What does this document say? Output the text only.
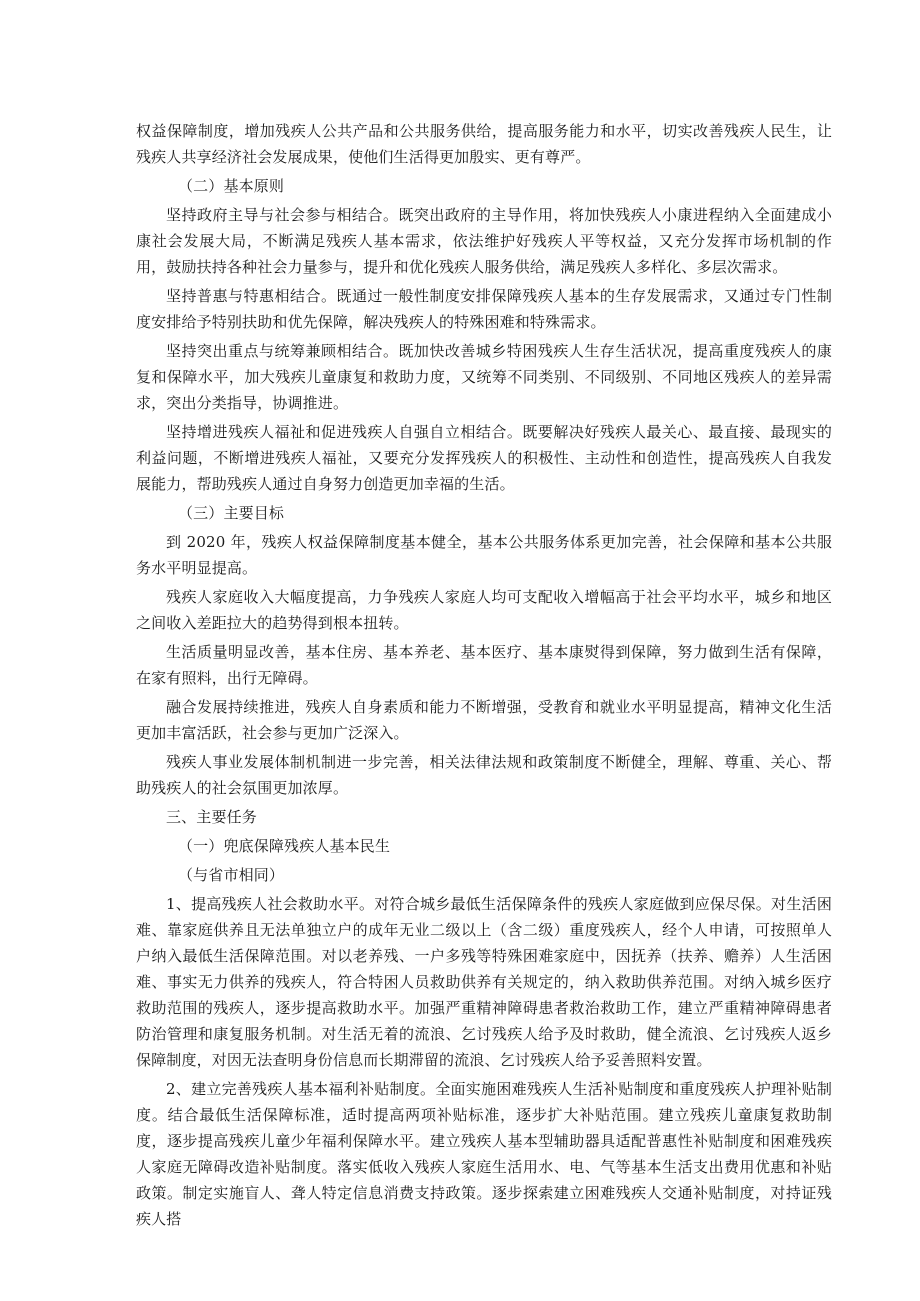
权益保障制度，增加残疾人公共产品和公共服务供给，提高服务能力和水平，切实改善残疾人民生，让残疾人共享经济社会发展成果，使他们生活得更加殷实、更有尊严。

（二）基本原则

坚持政府主导与社会参与相结合。既突出政府的主导作用，将加快残疾人小康进程纳入全面建成小康社会发展大局，不断满足残疾人基本需求，依法维护好残疾人平等权益，又充分发挥市场机制的作用，鼓励扶持各种社会力量参与，提升和优化残疾人服务供给，满足残疾人多样化、多层次需求。

坚持普惠与特惠相结合。既通过一般性制度安排保障残疾人基本的生存发展需求，又通过专门性制度安排给予特别扶助和优先保障，解决残疾人的特殊困难和特殊需求。

坚持突出重点与统筹兼顾相结合。既加快改善城乡特困残疾人生存生活状况，提高重度残疾人的康复和保障水平，加大残疾儿童康复和救助力度，又统筹不同类别、不同级别、不同地区残疾人的差异需求，突出分类指导，协调推进。

坚持增进残疾人福祉和促进残疾人自强自立相结合。既要解决好残疾人最关心、最直接、最现实的利益问题，不断增进残疾人福祉，又要充分发挥残疾人的积极性、主动性和创造性，提高残疾人自我发展能力，帮助残疾人通过自身努力创造更加幸福的生活。

（三）主要目标

到 2020 年，残疾人权益保障制度基本健全，基本公共服务体系更加完善，社会保障和基本公共服务水平明显提高。

残疾人家庭收入大幅度提高，力争残疾人家庭人均可支配收入增幅高于社会平均水平，城乡和地区之间收入差距拉大的趋势得到根本扭转。

生活质量明显改善，基本住房、基本养老、基本医疗、基本康熨得到保障，努力做到生活有保障，在家有照料，出行无障碍。

融合发展持续推进，残疾人自身素质和能力不断增强，受教育和就业水平明显提高，精神文化生活更加丰富活跃，社会参与更加广泛深入。

残疾人事业发展体制机制进一步完善，相关法律法规和政策制度不断健全，理解、尊重、关心、帮助残疾人的社会氛围更加浓厚。

三、主要任务

（一）兜底保障残疾人基本民生

（与省市相同）

1、提高残疾人社会救助水平。对符合城乡最低生活保障条件的残疾人家庭做到应保尽保。对生活困难、靠家庭供养且无法单独立户的成年无业二级以上（含二级）重度残疾人，经个人申请，可按照单人户纳入最低生活保障范围。对以老养残、一户多残等特殊困难家庭中，因抚养（扶养、赡养）人生活困难、事实无力供养的残疾人，符合特困人员救助供养有关规定的，纳入救助供养范围。对纳入城乡医疗救助范围的残疾人，逐步提高救助水平。加强严重精神障碍患者救治救助工作，建立严重精神障碍患者防治管理和康复服务机制。对生活无着的流浪、乞讨残疾人给予及时救助，健全流浪、乞讨残疾人返乡保障制度，对因无法查明身份信息而长期滞留的流浪、乞讨残疾人给予妥善照料安置。

2、建立完善残疾人基本福利补贴制度。全面实施困难残疾人生活补贴制度和重度残疾人护理补贴制度。结合最低生活保障标准，适时提高两项补贴标准，逐步扩大补贴范围。建立残疾儿童康复救助制度，逐步提高残疾儿童少年福利保障水平。建立残疾人基本型辅助器具适配普惠性补贴制度和困难残疾人家庭无障碍改造补贴制度。落实低收入残疾人家庭生活用水、电、气等基本生活支出费用优惠和补贴政策。制定实施盲人、聋人特定信息消费支持政策。逐步探索建立困难残疾人交通补贴制度，对持证残疾人搭
